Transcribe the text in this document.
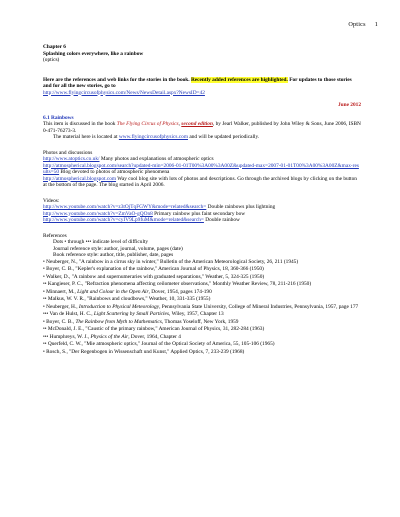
Optics 1
Chapter 6
Splashing colors everywhere, like a rainbow
(optics)
Here are the references and web links for the stories in the book. Recently added references are highlighted. For updates to those stories and for all the new stories, go to
http://www.flyingcircusofphysics.com/News/NewsDetail.aspx?NewsID=42
June 2012
6.1 Rainbows
This item is discussed in the book The Flying Circus of Physics, second edition, by Jearl Walker, published by John Wiley & Sons, June 2006, ISBN 0-471-76273-3.
The material here is located at www.flyingcircusofphysics.com and will be updated periodically.
Photos and discussions
http://www.atoptics.co.uk/ Many photos and explanations of atmospheric optics
http://atmospherical.blogspot.com/search?updated-min=2006-01-01T00%3A00%3A00Z&updated-max=2007-01-01T00%3A00%3A00Z&max-results=50 Blog devoted to photos of atmospheric phenomena
http://atmospherical.blogspot.com Way cool blog site with lots of photos and descriptions. Go through the archived blogs by clicking on the button at the bottom of the page. The blog started in April 2006.
Videos:
http://www.youtube.com/watch?v=z3tOjTqFGWY&mode=related&search= Double rainbows plus lightning
http://www.youtube.com/watch?v=ZmVaO-gQOn8 Primary rainbow plus faint secondary bow
http://www.youtube.com/watch?v=cyIV9Lp9fuM&mode=related&search= Double rainbow
References
Dots • through ••• indicate level of difficulty
Journal reference style: author, journal, volume, pages (date)
Book reference style: author, title, publisher, date, pages
• Neuberger, N., "A rainbow in a cirrus sky in winter," Bulletin of the American Meteorological Society, 26, 211 (1945)
• Boyer, C. B., "Kepler's explanation of the rainbow," American Journal of Physics, 18, 360-366 (1950)
• Walker, D., "A rainbow and supernumeraries with graduated separations," Weather, 5, 324-325 (1950)
•• Kangieser, P. C., "Refraction phenomena affecting ceilometer observations," Monthly Weather Review, 78, 211-216 (1950)
• Minnaert, M., Light and Colour in the Open Air, Dover, 1954, pages 174-190
•• Malkus, W. V. R., "Rainbows and cloudbows," Weather, 10, 331-335 (1955)
• Neuberger, H., Introduction to Physical Meteorology, Pennsylvania State University, College of Mineral Industries, Pennsylvania, 1957, page 177
••• Van de Hulst, H. C., Light Scattering by Small Particles, Wiley, 1957, Chapter 13
• Boyer, C. B., The Rainbow from Myth to Mathematics, Thomas Yoseloff, New York, 1959
•• McDonald, J. E., "Caustic of the primary rainbow," American Journal of Physics, 31, 282-284 (1963)
••• Humphreys, W. J., Physics of the Air, Dover, 1964, Chapter 4
•• Querfeld, C. W., "Mie atmospheric optics," Journal of the Optical Society of America, 55, 105-106 (1965)
• Rosch, S., "Der Regenbogen in Wissenschaft und Kunst," Applied Optics, 7, 233-239 (1968)
